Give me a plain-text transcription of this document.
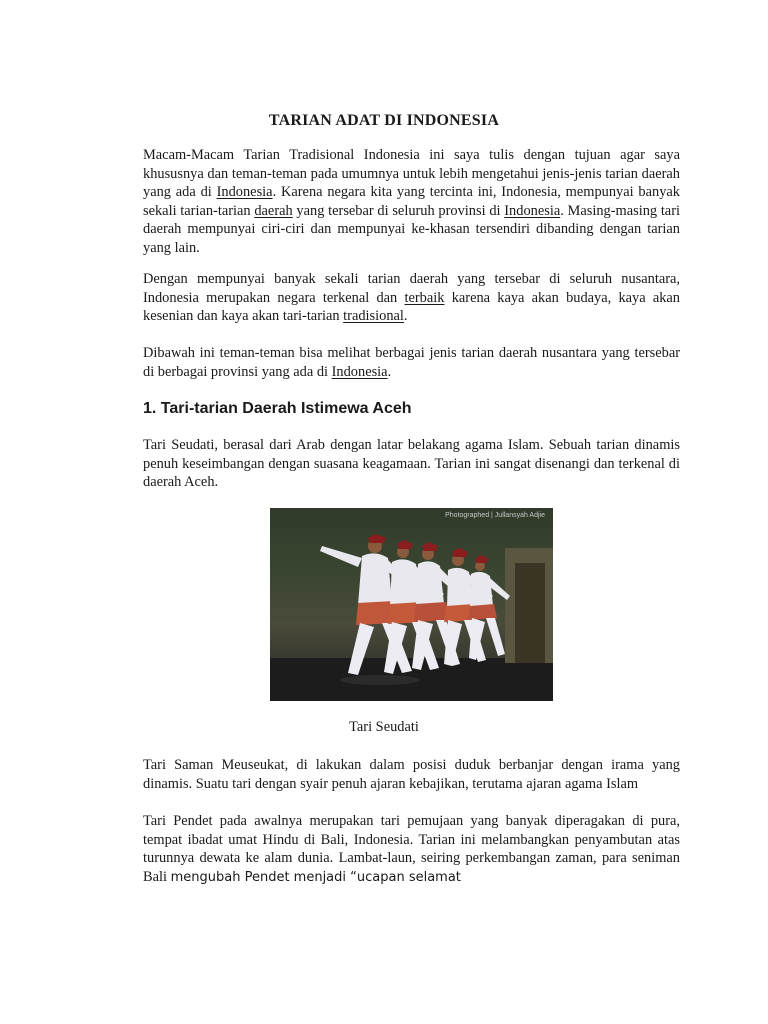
TARIAN ADAT DI INDONESIA

Macam-Macam Tarian Tradisional Indonesia ini saya tulis dengan tujuan agar saya khususnya dan teman-teman pada umumnya untuk lebih mengetahui jenis-jenis tarian daerah yang ada di Indonesia. Karena negara kita yang tercinta ini, Indonesia, mempunyai banyak sekali tarian-tarian daerah yang tersebar di seluruh provinsi di Indonesia. Masing-masing tari daerah mempunyai ciri-ciri dan mempunyai ke-khasan tersendiri dibanding dengan tarian yang lain.

Dengan mempunyai banyak sekali tarian daerah yang tersebar di seluruh nusantara, Indonesia merupakan negara terkenal dan terbaik karena kaya akan budaya, kaya akan kesenian dan kaya akan tari-tarian tradisional.

Dibawah ini teman-teman bisa melihat berbagai jenis tarian daerah nusantara yang tersebar di berbagai provinsi yang ada di Indonesia.

1. Tari-tarian Daerah Istimewa Aceh

Tari Seudati, berasal dari Arab dengan latar belakang agama Islam. Sebuah tarian dinamis penuh keseimbangan dengan suasana keagamaan. Tarian ini sangat disenangi dan terkenal di daerah Aceh.

Photographed | Jullansyah Adjie
Tari Seudati

Tari Saman Meuseukat, di lakukan dalam posisi duduk berbanjar dengan irama yang dinamis. Suatu tari dengan syair penuh ajaran kebajikan, terutama ajaran agama Islam

Tari Pendet pada awalnya merupakan tari pemujaan yang banyak diperagakan di pura, tempat ibadat umat Hindu di Bali, Indonesia. Tarian ini melambangkan penyambutan atas turunnya dewata ke alam dunia. Lambat-laun, seiring perkembangan zaman, para seniman Bali mengubah Pendet menjadi “ucapan selamat
